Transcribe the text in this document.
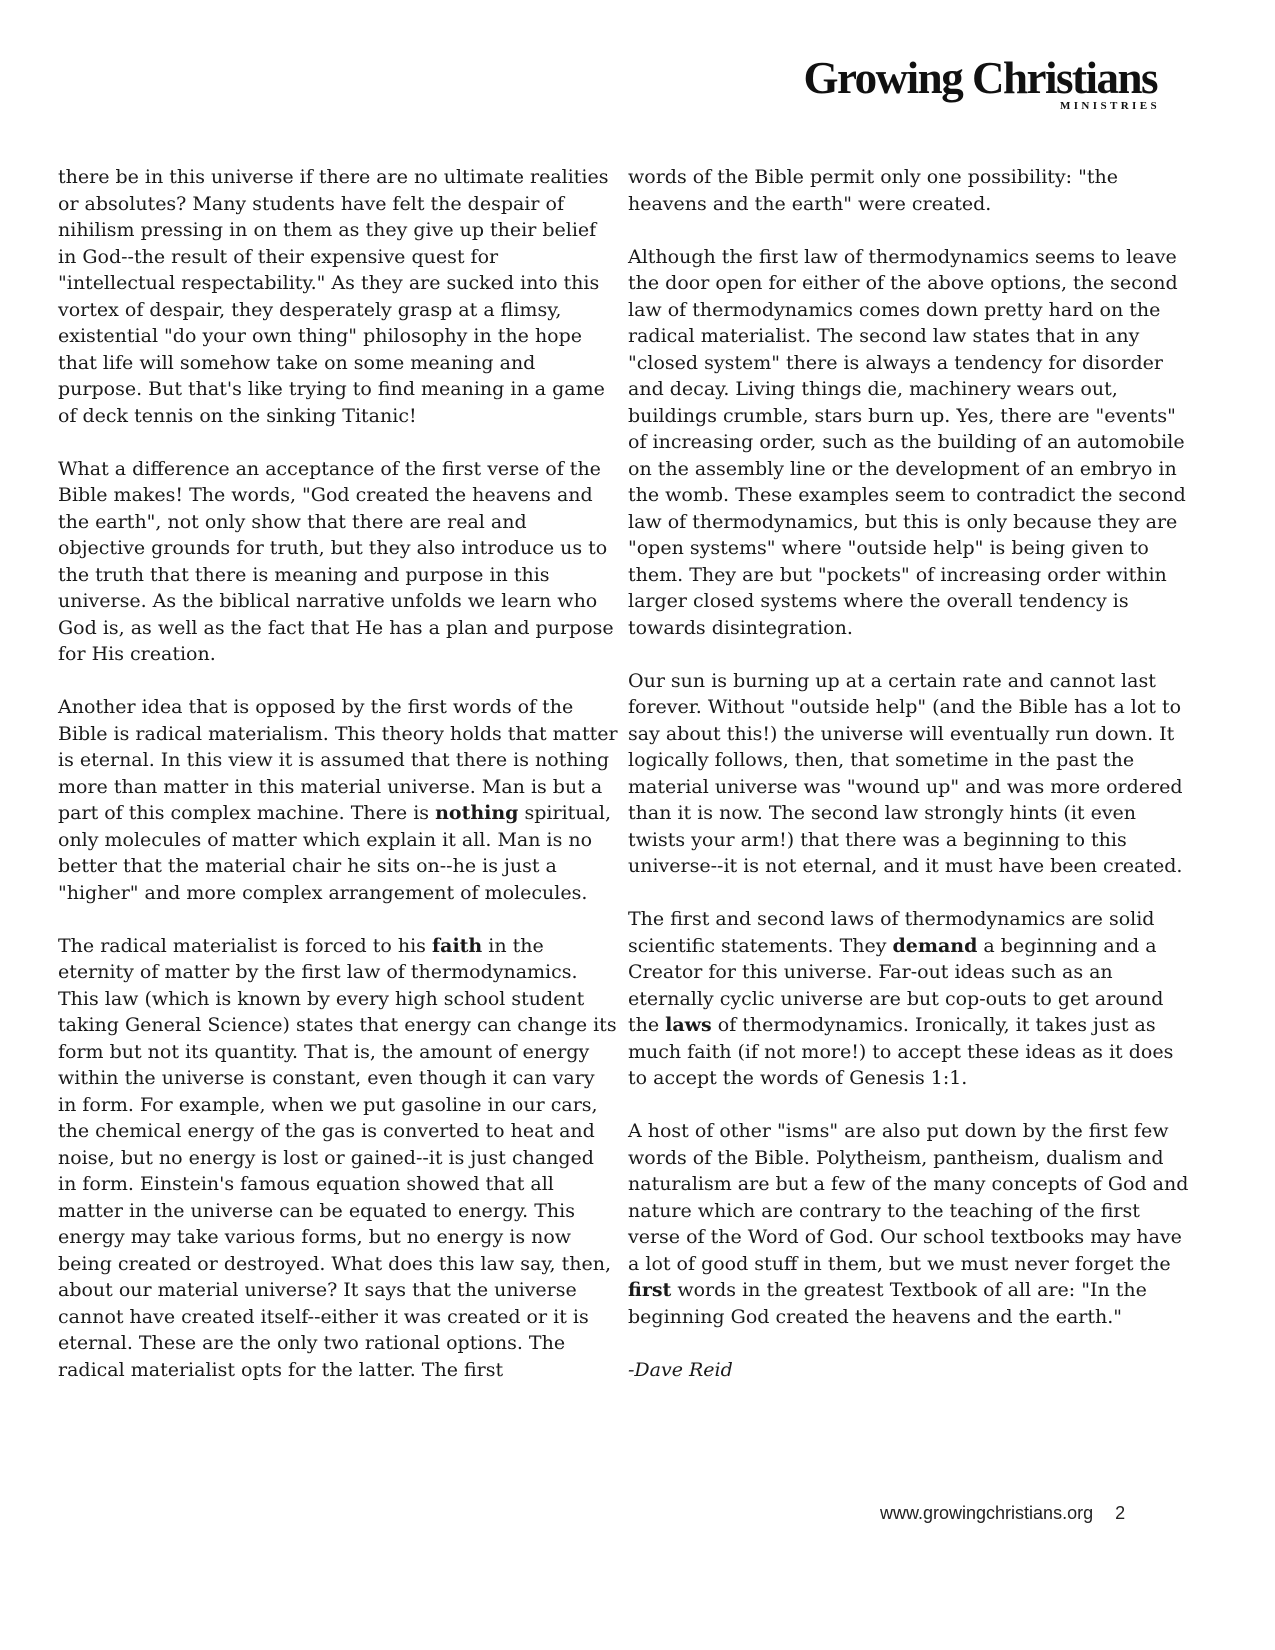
Growing Christians
MINISTRIES

there be in this universe if there are no ultimate realities or absolutes? Many students have felt the despair of nihilism pressing in on them as they give up their belief in God--the result of their expensive quest for "intellectual respectability." As they are sucked into this vortex of despair, they desperately grasp at a flimsy, existential "do your own thing" philosophy in the hope that life will somehow take on some meaning and purpose. But that's like trying to find meaning in a game of deck tennis on the sinking Titanic!

What a difference an acceptance of the first verse of the Bible makes! The words, "God created the heavens and the earth", not only show that there are real and objective grounds for truth, but they also introduce us to the truth that there is meaning and purpose in this universe. As the biblical narrative unfolds we learn who God is, as well as the fact that He has a plan and purpose for His creation.

Another idea that is opposed by the first words of the Bible is radical materialism. This theory holds that matter is eternal. In this view it is assumed that there is nothing more than matter in this material universe. Man is but a part of this complex machine. There is nothing spiritual, only molecules of matter which explain it all. Man is no better that the material chair he sits on--he is just a "higher" and more complex arrangement of molecules.

The radical materialist is forced to his faith in the eternity of matter by the first law of thermodynamics. This law (which is known by every high school student taking General Science) states that energy can change its form but not its quantity. That is, the amount of energy within the universe is constant, even though it can vary in form. For example, when we put gasoline in our cars, the chemical energy of the gas is converted to heat and noise, but no energy is lost or gained--it is just changed in form. Einstein's famous equation showed that all matter in the universe can be equated to energy. This energy may take various forms, but no energy is now being created or destroyed. What does this law say, then, about our material universe? It says that the universe cannot have created itself--either it was created or it is eternal. These are the only two rational options. The radical materialist opts for the latter. The first

words of the Bible permit only one possibility: "the heavens and the earth" were created.

Although the first law of thermodynamics seems to leave the door open for either of the above options, the second law of thermodynamics comes down pretty hard on the radical materialist. The second law states that in any "closed system" there is always a tendency for disorder and decay. Living things die, machinery wears out, buildings crumble, stars burn up. Yes, there are "events" of increasing order, such as the building of an automobile on the assembly line or the development of an embryo in the womb. These examples seem to contradict the second law of thermodynamics, but this is only because they are "open systems" where "outside help" is being given to them. They are but "pockets" of increasing order within larger closed systems where the overall tendency is towards disintegration.

Our sun is burning up at a certain rate and cannot last forever. Without "outside help" (and the Bible has a lot to say about this!) the universe will eventually run down. It logically follows, then, that sometime in the past the material universe was "wound up" and was more ordered than it is now. The second law strongly hints (it even twists your arm!) that there was a beginning to this universe--it is not eternal, and it must have been created.

The first and second laws of thermodynamics are solid scientific statements. They demand a beginning and a Creator for this universe. Far-out ideas such as an eternally cyclic universe are but cop-outs to get around the laws of thermodynamics. Ironically, it takes just as much faith (if not more!) to accept these ideas as it does to accept the words of Genesis 1:1.

A host of other "isms" are also put down by the first few words of the Bible. Polytheism, pantheism, dualism and naturalism are but a few of the many concepts of God and nature which are contrary to the teaching of the first verse of the Word of God. Our school textbooks may have a lot of good stuff in them, but we must never forget the first words in the greatest Textbook of all are: "In the beginning God created the heavens and the earth."

-Dave Reid

www.growingchristians.org 2
